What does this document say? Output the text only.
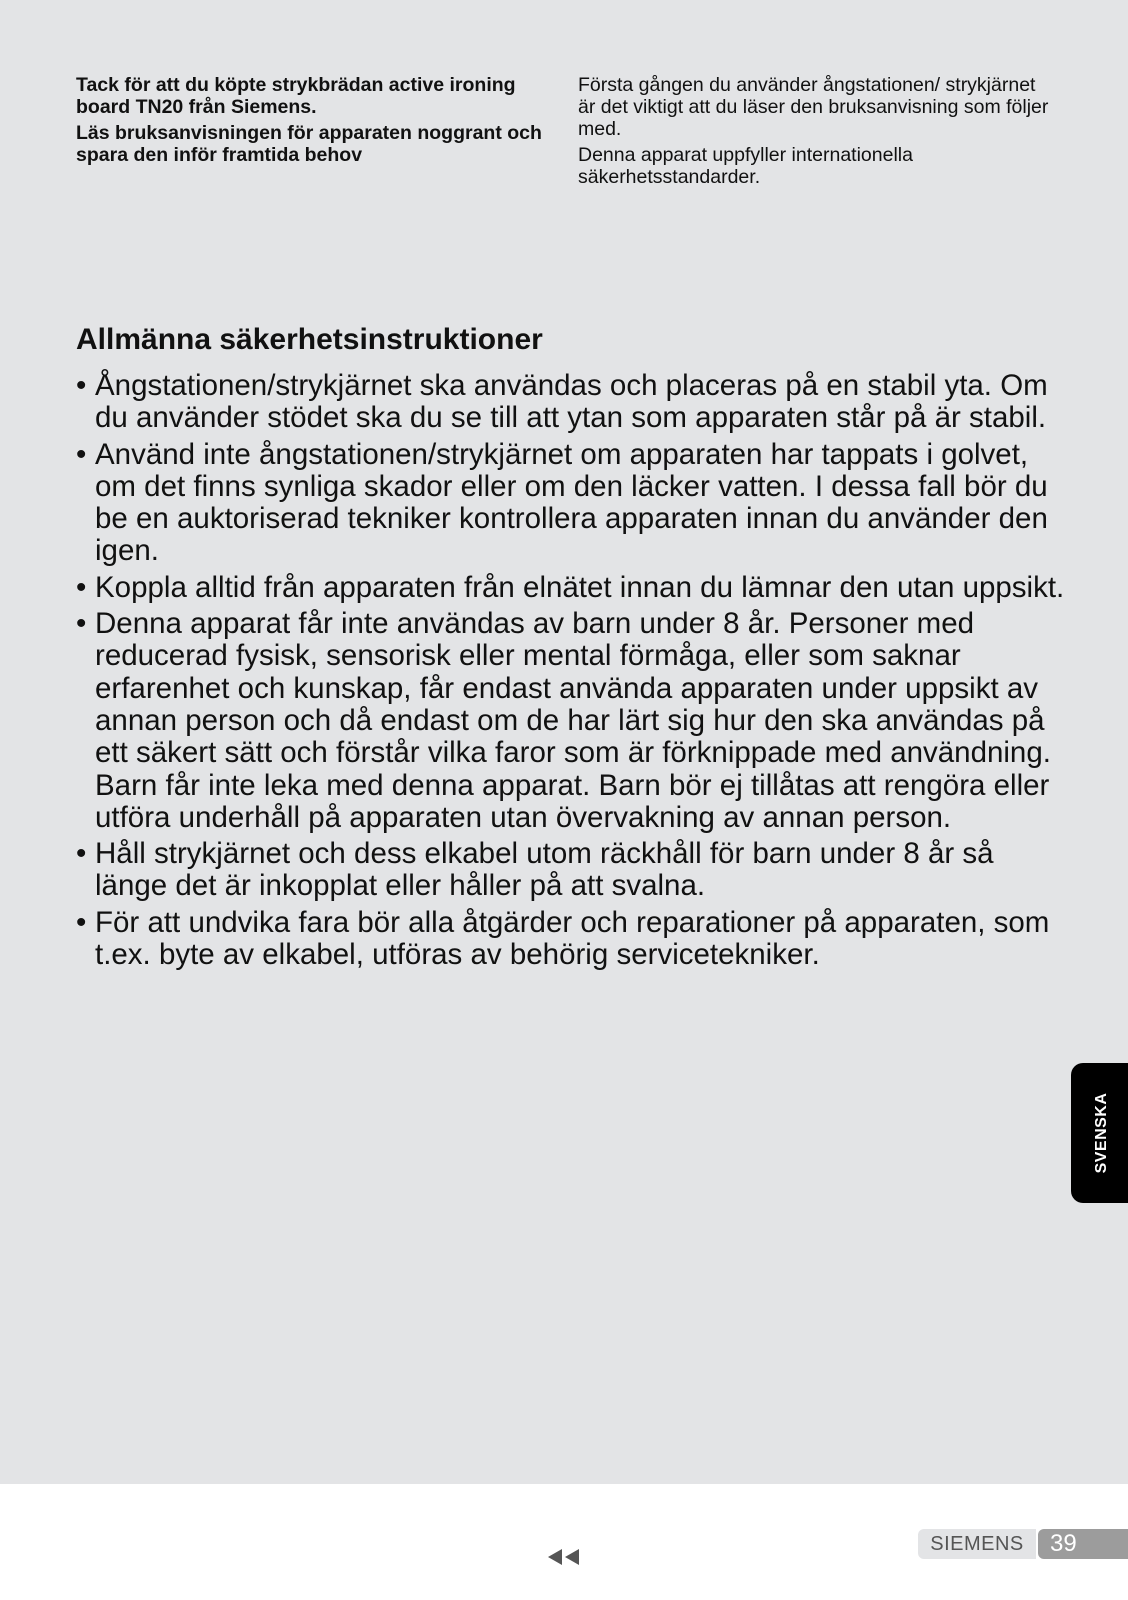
Tack för att du köpte strykbrädan active ironing board TN20 från Siemens.

Läs bruksanvisningen för apparaten noggrant och spara den inför framtida behov

Första gången du använder ångstationen/ strykjärnet är det viktigt att du läser den bruksanvisning som följer med.

Denna apparat uppfyller internationella säkerhetsstandarder.

Allmänna säkerhetsinstruktioner
• Ångstationen/strykjärnet ska användas och placeras på en stabil yta. Om du använder stödet ska du se till att ytan som apparaten står på är stabil.
• Använd inte ångstationen/strykjärnet om apparaten har tappats i golvet, om det finns synliga skador eller om den läcker vatten. I dessa fall bör du be en auktoriserad tekniker kontrollera apparaten innan du använder den igen.
• Koppla alltid från apparaten från elnätet innan du lämnar den utan uppsikt.
• Denna apparat får inte användas av barn under 8 år. Personer med reducerad fysisk, sensorisk eller mental förmåga, eller som saknar erfarenhet och kunskap, får endast använda apparaten under uppsikt av annan person och då endast om de har lärt sig hur den ska användas på ett säkert sätt och förstår vilka faror som är förknippade med användning. Barn får inte leka med denna apparat. Barn bör ej tillåtas att rengöra eller utföra underhåll på apparaten utan övervakning av annan person.
• Håll strykjärnet och dess elkabel utom räckhåll för barn under 8 år så länge det är inkopplat eller håller på att svalna.
• För att undvika fara bör alla åtgärder och reparationer på apparaten, som t.ex. byte av elkabel, utföras av behörig servicetekniker.
SVENSKA
SIEMENS	39
